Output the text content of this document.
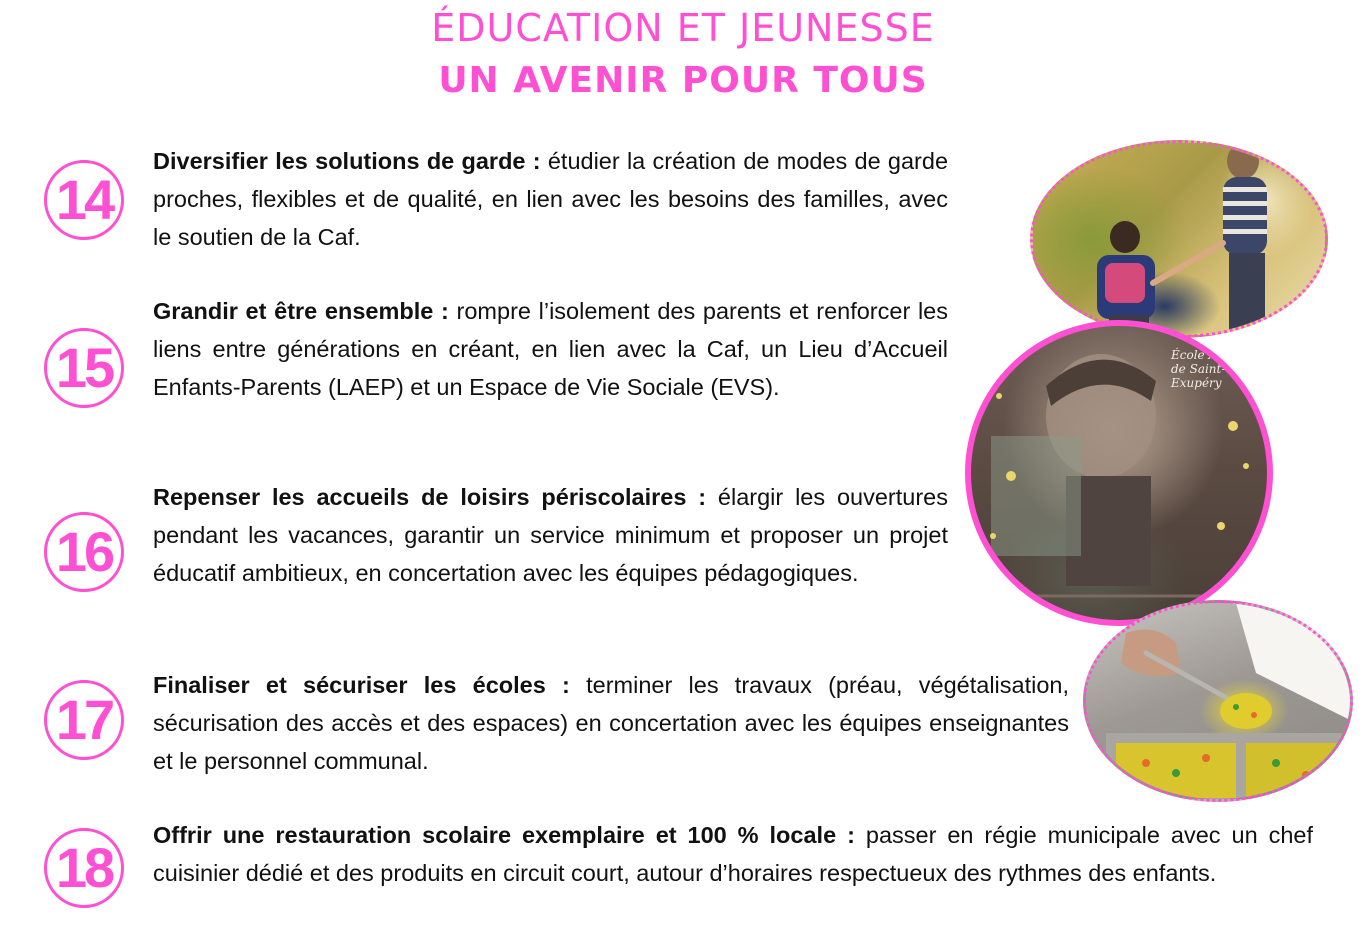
ÉDUCATION ET JEUNESSE
UN AVENIR POUR TOUS
14

Diversifier les solutions de garde : étudier la création de modes de garde proches, flexibles et de qualité, en lien avec les besoins des familles, avec le soutien de la Caf.

15

Grandir et être ensemble : rompre l’isolement des parents et renforcer les liens entre générations en créant, en lien avec la Caf, un Lieu d’Accueil Enfants-Parents (LAEP) et un Espace de Vie Sociale (EVS).

16

Repenser les accueils de loisirs périscolaires : élargir les ouvertures pendant les vacances, garantir un service minimum et proposer un projet éducatif ambitieux, en concertation avec les équipes pédagogiques.

17

Finaliser et sécuriser les écoles : terminer les travaux (préau, végétalisation, sécurisation des accès et des espaces) en concertation avec les équipes enseignantes et le personnel communal.

18

Offrir une restauration scolaire exemplaire et 100 % locale : passer en régie municipale avec un chef cuisinier dédié et des produits en circuit court, autour d’horaires respectueux des rythmes des enfants.

École Antoine de Saint-Exupéry
